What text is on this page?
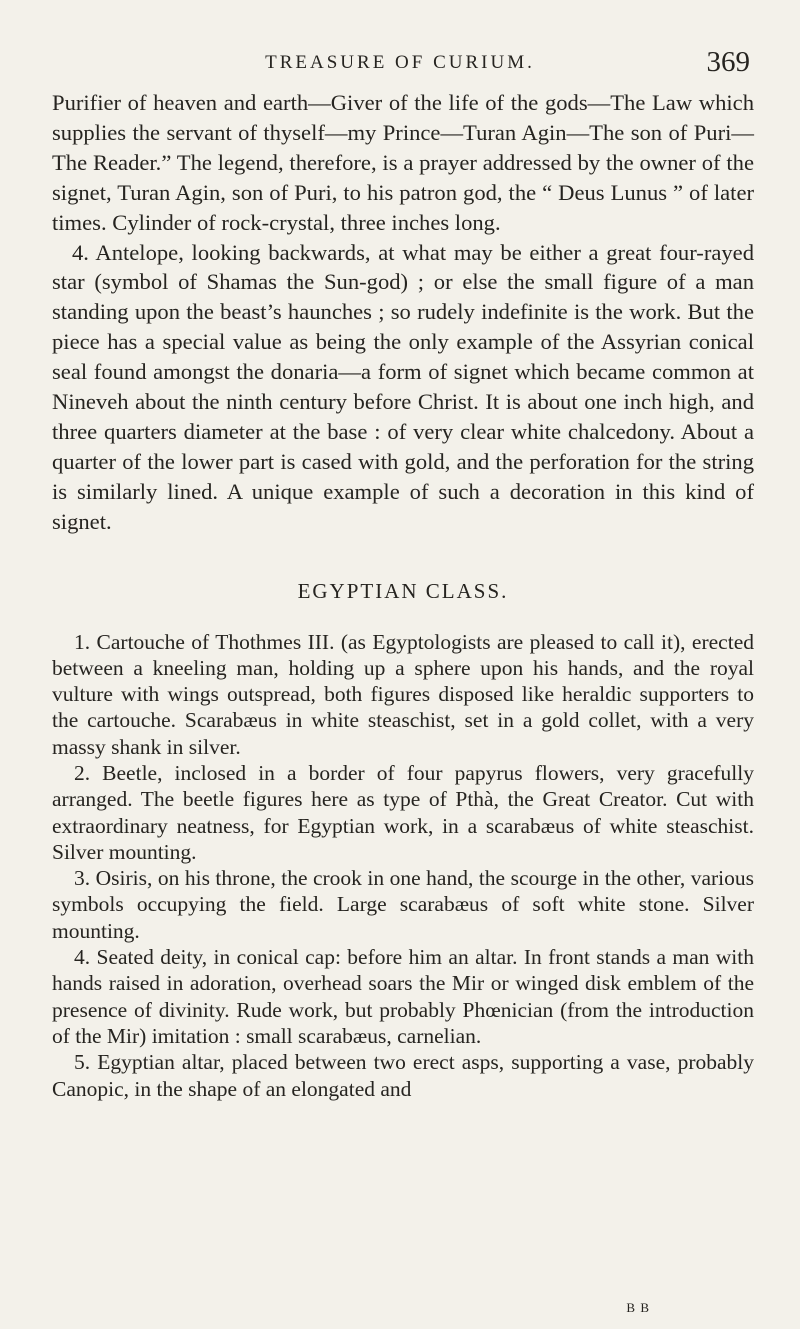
TREASURE OF CURIUM.	369

Purifier of heaven and earth—Giver of the life of the gods—The Law which supplies the servant of thyself—my Prince—Turan Agin—The son of Puri—The Reader.” The legend, therefore, is a prayer addressed by the owner of the signet, Turan Agin, son of Puri, to his patron god, the “ Deus Lunus ” of later times. Cylinder of rock-crystal, three inches long.

4. Antelope, looking backwards, at what may be either a great four-rayed star (symbol of Shamas the Sun-god) ; or else the small figure of a man standing upon the beast’s haunches ; so rudely indefinite is the work. But the piece has a special value as being the only example of the Assyrian conical seal found amongst the donaria—a form of signet which became common at Nineveh about the ninth century before Christ. It is about one inch high, and three quarters diameter at the base : of very clear white chalcedony. About a quarter of the lower part is cased with gold, and the perforation for the string is similarly lined. A unique example of such a decoration in this kind of signet.

EGYPTIAN CLASS.

1. Cartouche of Thothmes III. (as Egyptologists are pleased to call it), erected between a kneeling man, holding up a sphere upon his hands, and the royal vulture with wings outspread, both figures disposed like heraldic supporters to the cartouche. Scarabæus in white steaschist, set in a gold collet, with a very massy shank in silver.

2. Beetle, inclosed in a border of four papyrus flowers, very gracefully arranged. The beetle figures here as type of Pthà, the Great Creator. Cut with extraordinary neatness, for Egyptian work, in a scarabæus of white steaschist. Silver mounting.

3. Osiris, on his throne, the crook in one hand, the scourge in the other, various symbols occupying the field. Large scarabæus of soft white stone. Silver mounting.

4. Seated deity, in conical cap: before him an altar. In front stands a man with hands raised in adoration, overhead soars the Mir or winged disk emblem of the presence of divinity. Rude work, but probably Phœnician (from the introduction of the Mir) imitation : small scarabæus, carnelian.

5. Egyptian altar, placed between two erect asps, supporting a vase, probably Canopic, in the shape of an elongated and

B B
